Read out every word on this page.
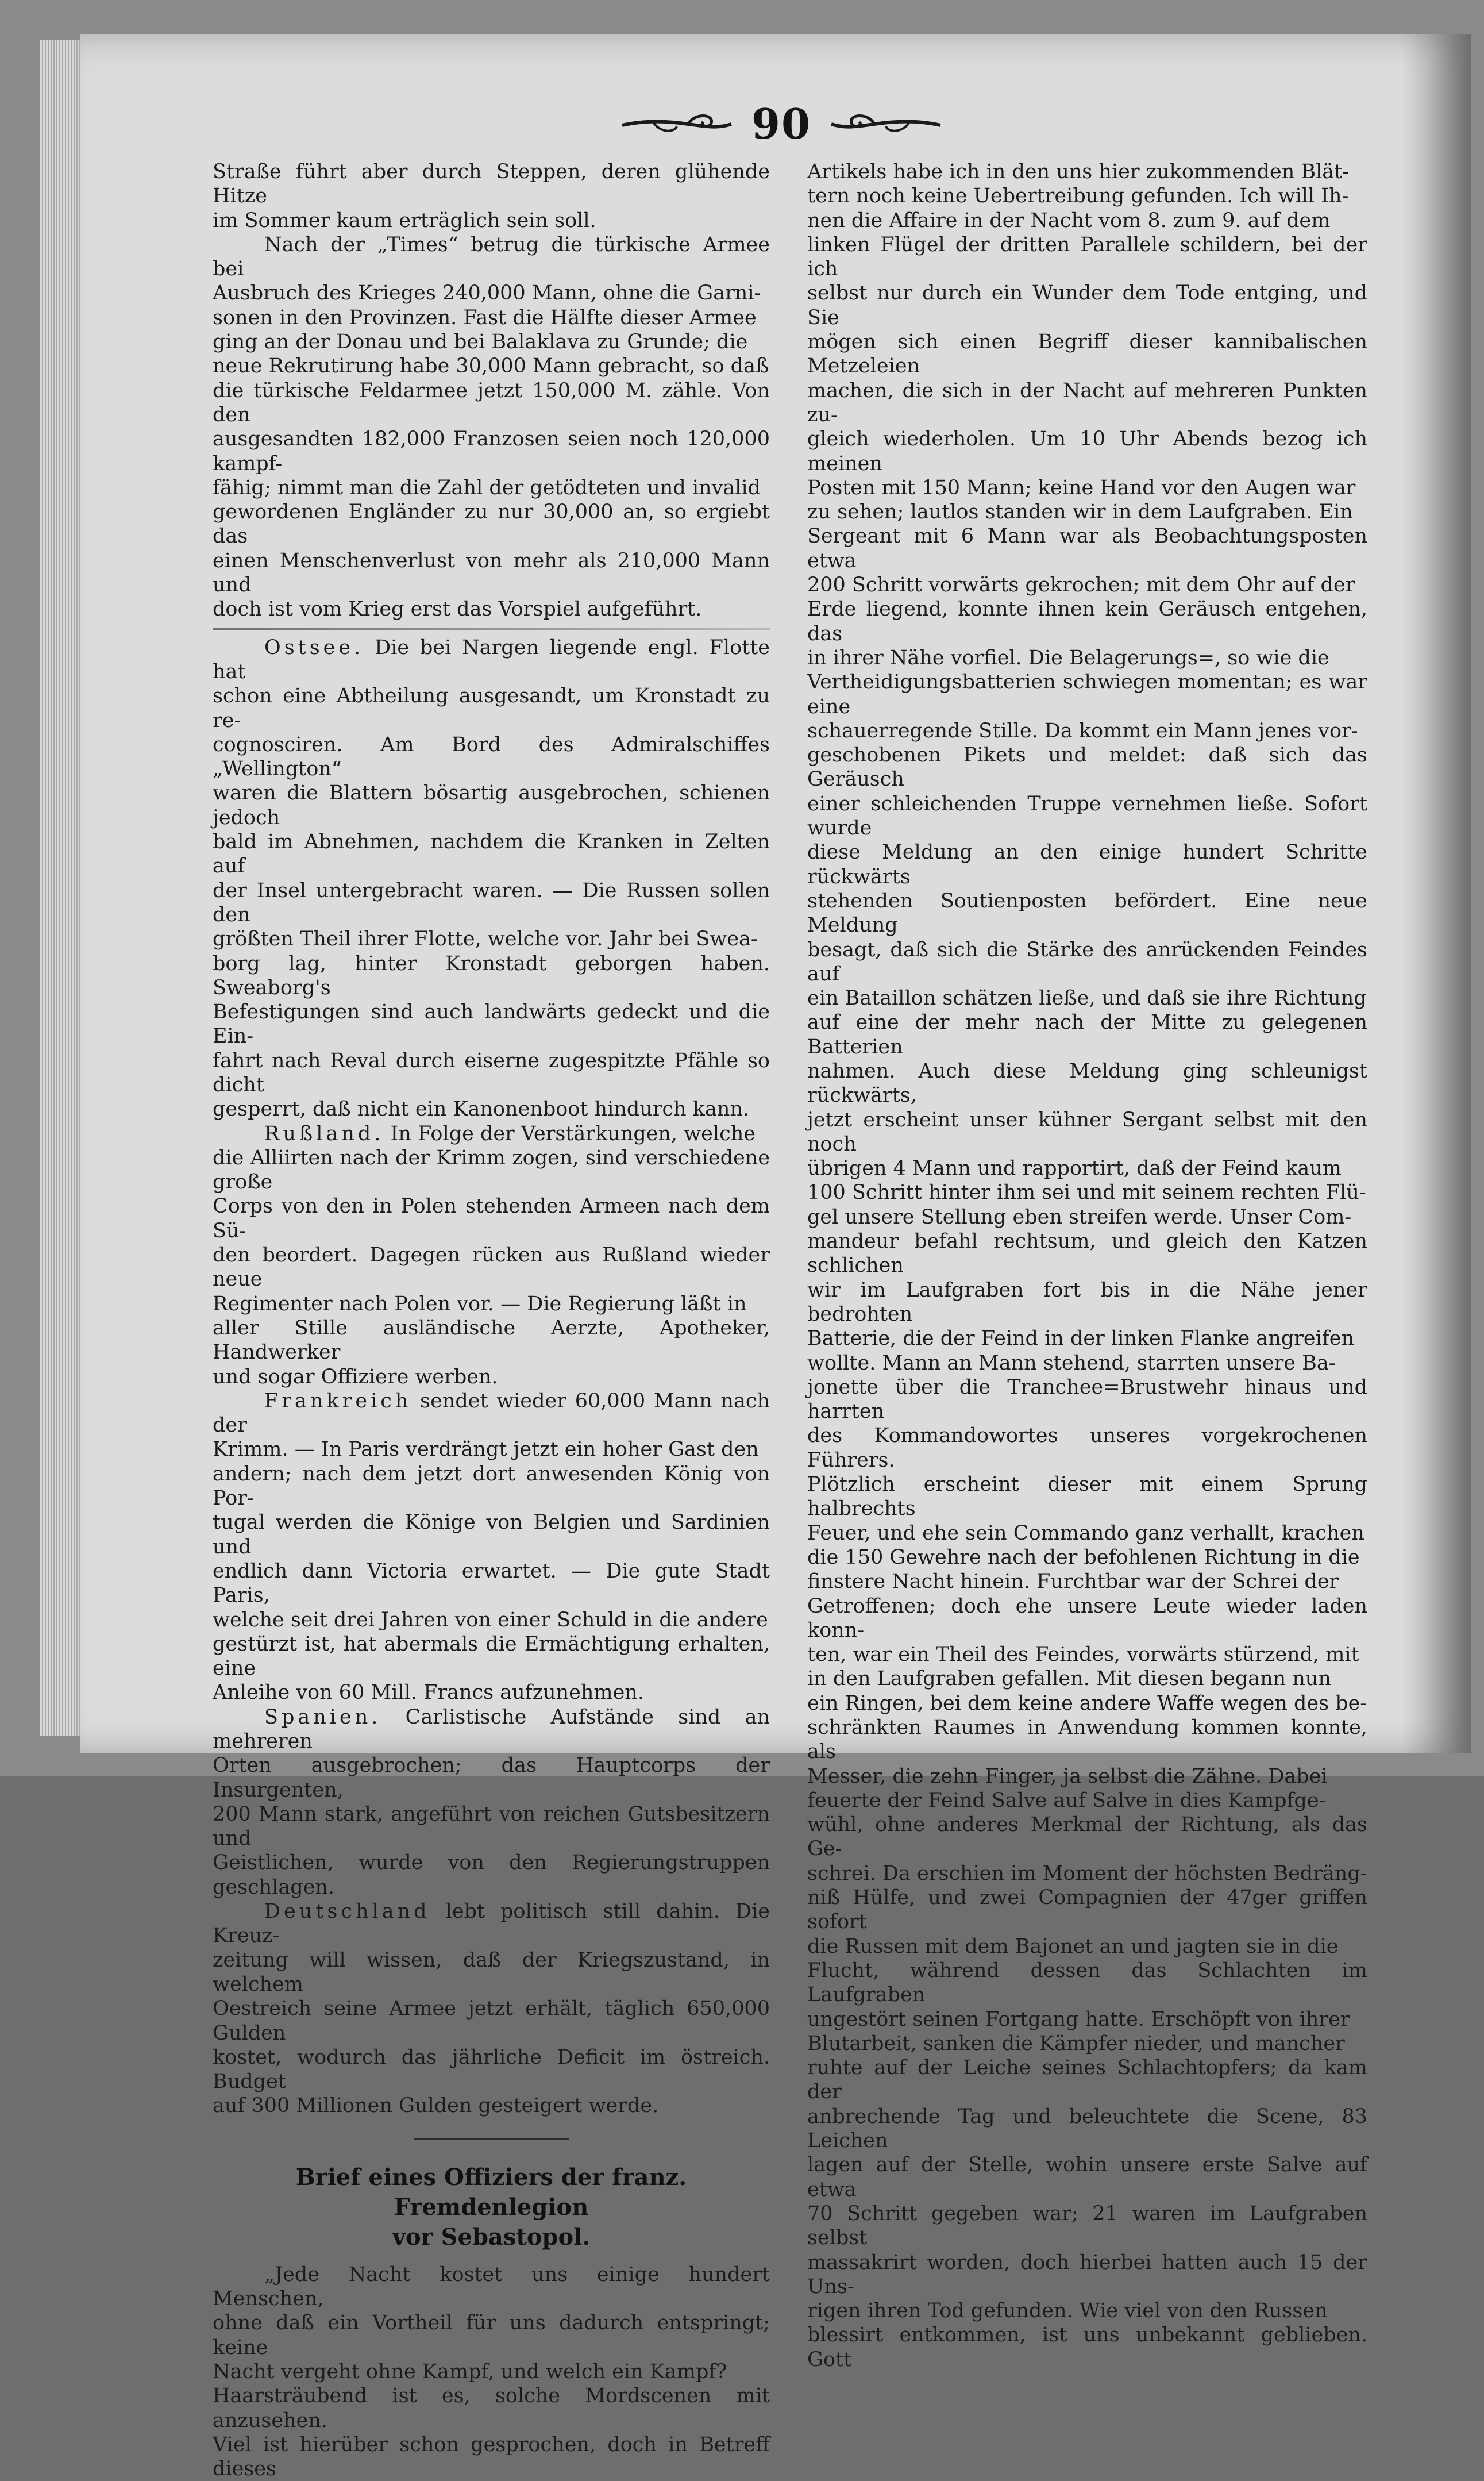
90

Straße führt aber durch Steppen, deren glühende Hitze

im Sommer kaum erträglich sein soll.

Nach der „Times“ betrug die türkische Armee bei

Ausbruch des Krieges 240,000 Mann, ohne die Garni-

sonen in den Provinzen. Fast die Hälfte dieser Armee

ging an der Donau und bei Balaklava zu Grunde; die

neue Rekrutirung habe 30,000 Mann gebracht, so daß

die türkische Feldarmee jetzt 150,000 M. zähle. Von den

ausgesandten 182,000 Franzosen seien noch 120,000 kampf-

fähig; nimmt man die Zahl der getödteten und invalid

gewordenen Engländer zu nur 30,000 an, so ergiebt das

einen Menschenverlust von mehr als 210,000 Mann und

doch ist vom Krieg erst das Vorspiel aufgeführt.

Ostsee. Die bei Nargen liegende engl. Flotte hat

schon eine Abtheilung ausgesandt, um Kronstadt zu re-

cognosciren. Am Bord des Admiralschiffes „Wellington“

waren die Blattern bösartig ausgebrochen, schienen jedoch

bald im Abnehmen, nachdem die Kranken in Zelten auf

der Insel untergebracht waren. — Die Russen sollen den

größten Theil ihrer Flotte, welche vor. Jahr bei Swea-

borg lag, hinter Kronstadt geborgen haben. Sweaborg's

Befestigungen sind auch landwärts gedeckt und die Ein-

fahrt nach Reval durch eiserne zugespitzte Pfähle so dicht

gesperrt, daß nicht ein Kanonenboot hindurch kann.

Rußland. In Folge der Verstärkungen, welche

die Alliirten nach der Krimm zogen, sind verschiedene große

Corps von den in Polen stehenden Armeen nach dem Sü-

den beordert. Dagegen rücken aus Rußland wieder neue

Regimenter nach Polen vor. — Die Regierung läßt in

aller Stille ausländische Aerzte, Apotheker, Handwerker

und sogar Offiziere werben.

Frankreich sendet wieder 60,000 Mann nach der

Krimm. — In Paris verdrängt jetzt ein hoher Gast den

andern; nach dem jetzt dort anwesenden König von Por-

tugal werden die Könige von Belgien und Sardinien und

endlich dann Victoria erwartet. — Die gute Stadt Paris,

welche seit drei Jahren von einer Schuld in die andere

gestürzt ist, hat abermals die Ermächtigung erhalten, eine

Anleihe von 60 Mill. Francs aufzunehmen.

Spanien. Carlistische Aufstände sind an mehreren

Orten ausgebrochen; das Hauptcorps der Insurgenten,

200 Mann stark, angeführt von reichen Gutsbesitzern und

Geistlichen, wurde von den Regierungstruppen geschlagen.

Deutschland lebt politisch still dahin. Die Kreuz-

zeitung will wissen, daß der Kriegszustand, in welchem

Oestreich seine Armee jetzt erhält, täglich 650,000 Gulden

kostet, wodurch das jährliche Deficit im östreich. Budget

auf 300 Millionen Gulden gesteigert werde.

Brief eines Offiziers der franz. Fremdenlegion
vor Sebastopol.

„Jede Nacht kostet uns einige hundert Menschen,

ohne daß ein Vortheil für uns dadurch entspringt; keine

Nacht vergeht ohne Kampf, und welch ein Kampf?

Haarsträubend ist es, solche Mordscenen mit anzusehen.

Viel ist hierüber schon gesprochen, doch in Betreff dieses

Artikels habe ich in den uns hier zukommenden Blät-

tern noch keine Uebertreibung gefunden. Ich will Ih-

nen die Affaire in der Nacht vom 8. zum 9. auf dem

linken Flügel der dritten Parallele schildern, bei der ich

selbst nur durch ein Wunder dem Tode entging, und Sie

mögen sich einen Begriff dieser kannibalischen Metzeleien

machen, die sich in der Nacht auf mehreren Punkten zu-

gleich wiederholen. Um 10 Uhr Abends bezog ich meinen

Posten mit 150 Mann; keine Hand vor den Augen war

zu sehen; lautlos standen wir in dem Laufgraben. Ein

Sergeant mit 6 Mann war als Beobachtungsposten etwa

200 Schritt vorwärts gekrochen; mit dem Ohr auf der

Erde liegend, konnte ihnen kein Geräusch entgehen, das

in ihrer Nähe vorfiel. Die Belagerungs=, so wie die

Vertheidigungsbatterien schwiegen momentan; es war eine

schauerregende Stille. Da kommt ein Mann jenes vor-

geschobenen Pikets und meldet: daß sich das Geräusch

einer schleichenden Truppe vernehmen ließe. Sofort wurde

diese Meldung an den einige hundert Schritte rückwärts

stehenden Soutienposten befördert. Eine neue Meldung

besagt, daß sich die Stärke des anrückenden Feindes auf

ein Bataillon schätzen ließe, und daß sie ihre Richtung

auf eine der mehr nach der Mitte zu gelegenen Batterien

nahmen. Auch diese Meldung ging schleunigst rückwärts,

jetzt erscheint unser kühner Sergant selbst mit den noch

übrigen 4 Mann und rapportirt, daß der Feind kaum

100 Schritt hinter ihm sei und mit seinem rechten Flü-

gel unsere Stellung eben streifen werde. Unser Com-

mandeur befahl rechtsum, und gleich den Katzen schlichen

wir im Laufgraben fort bis in die Nähe jener bedrohten

Batterie, die der Feind in der linken Flanke angreifen

wollte. Mann an Mann stehend, starrten unsere Ba-

jonette über die Tranchee=Brustwehr hinaus und harrten

des Kommandowortes unseres vorgekrochenen Führers.

Plötzlich erscheint dieser mit einem Sprung halbrechts

Feuer, und ehe sein Commando ganz verhallt, krachen

die 150 Gewehre nach der befohlenen Richtung in die

finstere Nacht hinein. Furchtbar war der Schrei der

Getroffenen; doch ehe unsere Leute wieder laden konn-

ten, war ein Theil des Feindes, vorwärts stürzend, mit

in den Laufgraben gefallen. Mit diesen begann nun

ein Ringen, bei dem keine andere Waffe wegen des be-

schränkten Raumes in Anwendung kommen konnte, als

Messer, die zehn Finger, ja selbst die Zähne. Dabei

feuerte der Feind Salve auf Salve in dies Kampfge-

wühl, ohne anderes Merkmal der Richtung, als das Ge-

schrei. Da erschien im Moment der höchsten Bedräng-

niß Hülfe, und zwei Compagnien der 47ger griffen sofort

die Russen mit dem Bajonet an und jagten sie in die

Flucht, während dessen das Schlachten im Laufgraben

ungestört seinen Fortgang hatte. Erschöpft von ihrer

Blutarbeit, sanken die Kämpfer nieder, und mancher

ruhte auf der Leiche seines Schlachtopfers; da kam der

anbrechende Tag und beleuchtete die Scene, 83 Leichen

lagen auf der Stelle, wohin unsere erste Salve auf etwa

70 Schritt gegeben war; 21 waren im Laufgraben selbst

massakrirt worden, doch hierbei hatten auch 15 der Uns-

rigen ihren Tod gefunden. Wie viel von den Russen

blessirt entkommen, ist uns unbekannt geblieben. Gott
